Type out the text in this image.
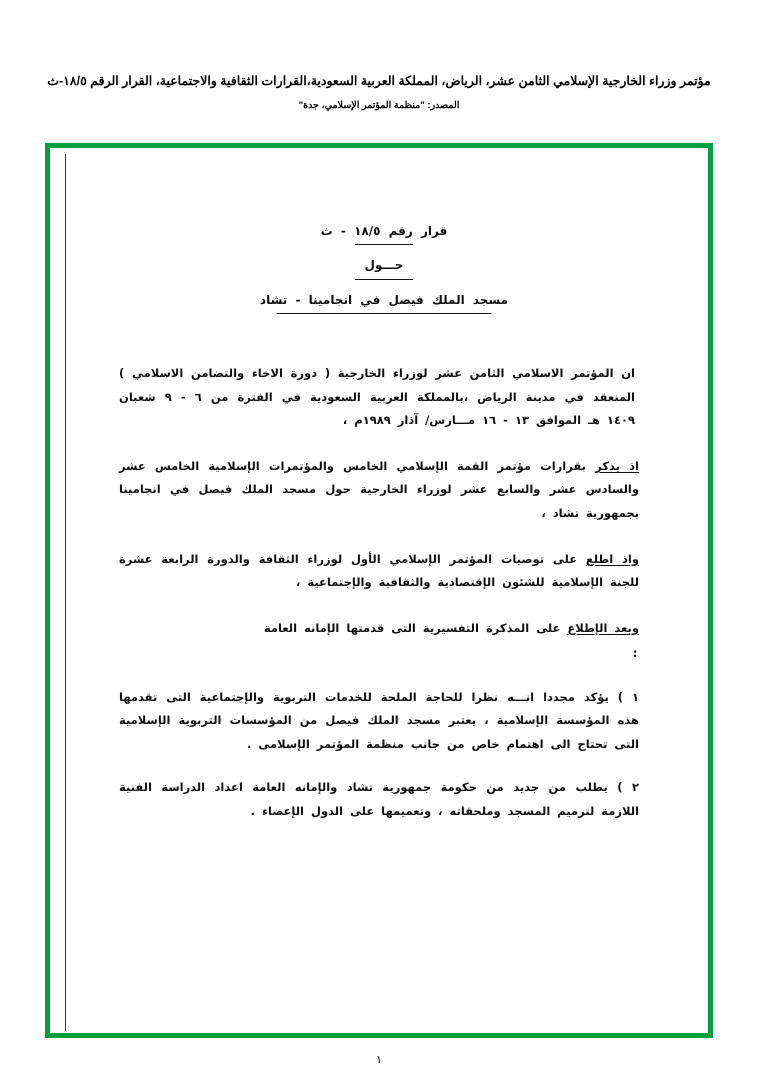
مؤتمر وزراء الخارجية الإسلامي الثامن عشر، الرياض، المملكة العربية السعودية،القرارات الثقافية والاجتماعية، القرار الرقم ١٨/٥-ث
المصدر: "منظمة المؤتمر الإسلامي، جدة"
قرار رقم ١٨/٥ - ث
حـــول
مسجد الملك فيصل في انجامينا - تشاد
ان المؤتمر الاسلامي الثامن عشر لوزراء الخارجية ( دورة الاخاء والتضامن الاسلامي ) المنعقد في مدينة الرياض ،بالمملكة العربية السعودية في الفترة من ٦ - ٩ شعبان ١٤٠٩ هـ الموافق ١٣ - ١٦ مـــارس/ آذار ١٩٨٩م ،
اذ يذكر بقرارات مؤتمر القمة الإسلامي الخامس والمؤتمرات الإسلامية الخامس عشر والسادس عشر والسابع عشر لوزراء الخارجية حول مسجد الملك فيصل في انجامينا بجمهورية تشاد ،
واذ اطلع على توصيات المؤتمر الإسلامي الأول لوزراء الثقافة والدورة الرابعة عشرة للجنة الإسلامية للشئون الإقتصادية والثقافية والإجتماعية ،
وبعد الإطلاع على المذكرة التفسيرية التى قدمتها الإمانه العامة
:
١ ) يؤكد مجددا انـــه نظرا للحاجة الملحة للخدمات التربوية والإجتماعية التى تقدمها هذه المؤسسة الإسلامية ، يعتبر مسجد الملك فيصل من المؤسسات التربوية الإسلامية التى تحتاج الى اهتمام خاص من جانب منظمة المؤتمر الإسلامى .
٢ ) يطلب من جديد من حكومة جمهورية تشاد والإمانه العامة اعداد الدراسة الفنية اللازمة لترميم المسجد وملحقاته ، وتعميمها على الدول الإعضاء .
١
